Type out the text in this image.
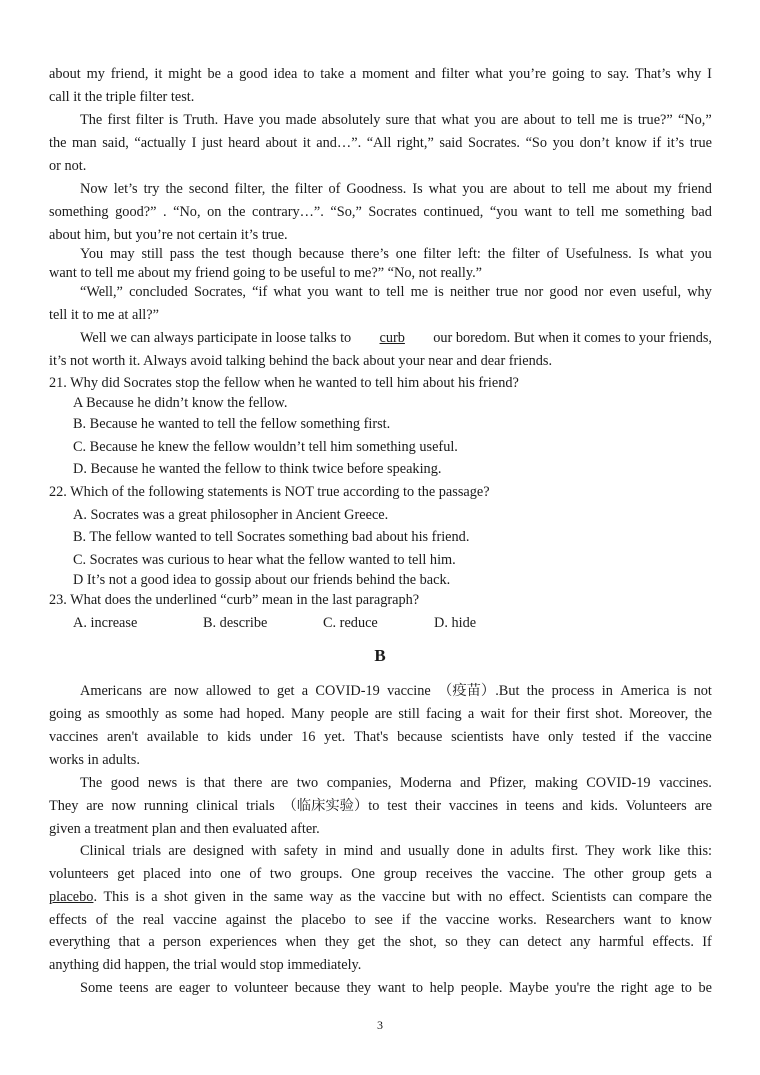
about my friend, it might be a good idea to take a moment and filter what you’re going to say. That’s why I
call it the triple filter test.
The first filter is Truth. Have you made absolutely sure that what you are about to tell me is true?” “No,”
the man said, “actually I just heard about it and…”. “All right,” said Socrates. “So you don’t know if it’s true
or not.
Now let’s try the second filter, the filter of Goodness. Is what you are about to tell me about my friend
something good?” . “No, on the contrary…”. “So,” Socrates continued, “you want to tell me something bad
about him, but you’re not certain it’s true.
You may still pass the test though because there’s one filter left: the filter of Usefulness. Is what you
want to tell me about my friend going to be useful to me?” “No, not really.”
“Well,” concluded Socrates, “if what you want to tell me is neither true nor good nor even useful, why
tell it to me at all?”
Well we can always participate in loose talks to curb our boredom. But when it comes to your friends,
it’s not worth it. Always avoid talking behind the back about your near and dear friends.
21. Why did Socrates stop the fellow when he wanted to tell him about his friend?
A Because he didn’t know the fellow.
B. Because he wanted to tell the fellow something first.
C. Because he knew the fellow wouldn’t tell him something useful.
D. Because he wanted the fellow to think twice before speaking.
22. Which of the following statements is NOT true according to the passage?
A. Socrates was a great philosopher in Ancient Greece.
B. The fellow wanted to tell Socrates something bad about his friend.
C. Socrates was curious to hear what the fellow wanted to tell him.
D It’s not a good idea to gossip about our friends behind the back.
23. What does the underlined “curb” mean in the last paragraph?
A. increase	B. describe	C. reduce	D. hide
B
Americans are now allowed to get a COVID-19 vaccine （疫苗）.But the process in America is not
going as smoothly as some had hoped. Many people are still facing a wait for their first shot. Moreover, the
vaccines aren't available to kids under 16 yet. That's because scientists have only tested if the vaccine
works in adults.
The good news is that there are two companies, Moderna and Pfizer, making COVID-19 vaccines.
They are now running clinical trials （临床实验）to test their vaccines in teens and kids. Volunteers are
given a treatment plan and then evaluated after.
Clinical trials are designed with safety in mind and usually done in adults first. They work like this:
volunteers get placed into one of two groups. One group receives the vaccine. The other group gets a
placebo . This is a shot given in the same way as the vaccine but with no effect. Scientists can compare the
effects of the real vaccine against the placebo to see if the vaccine works. Researchers want to know
everything that a person experiences when they get the shot, so they can detect any harmful effects. If
anything did happen, the trial would stop immediately.
Some teens are eager to volunteer because they want to help people. Maybe you're the right age to be
3
